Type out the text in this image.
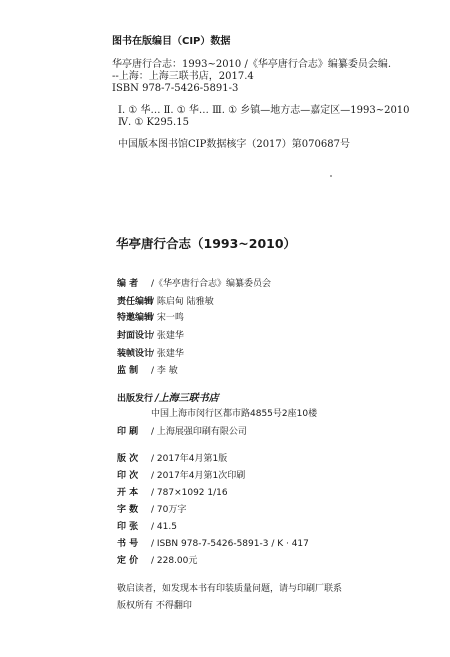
图书在版编目（CIP）数据
华亭唐行合志：1993~2010 /《华亭唐行合志》编纂委员会编.
--上海：上海三联书店，2017.4
ISBN 978-7-5426-5891-3
Ⅰ. ① 华… Ⅱ. ① 华… Ⅲ. ① 乡镇—地方志—嘉定区—1993~2010
Ⅳ. ① K295.15
中国版本图书馆CIP数据核字（2017）第070687号
华亭唐行合志（1993~2010）
编 者 /《华亭唐行合志》编纂委员会
责任编辑/ 陈启甸 陆雅敏
特邀编辑/ 宋一鸣
封面设计/ 张建华
装帧设计/ 张建华
监 制 / 李 敏
出版发行 /上海三联书店
中国上海市闵行区都市路4855号2座10楼
印 刷 / 上海展强印刷有限公司
版 次 / 2017年4月第1版
印 次 / 2017年4月第1次印刷
开 本 / 787×1092 1/16
字 数 / 70万字
印 张 / 41.5
书 号 / ISBN 978-7-5426-5891-3 / K · 417
定 价 / 228.00元
敬启读者，如发现本书有印装质量问题，请与印刷厂联系
版权所有 不得翻印
